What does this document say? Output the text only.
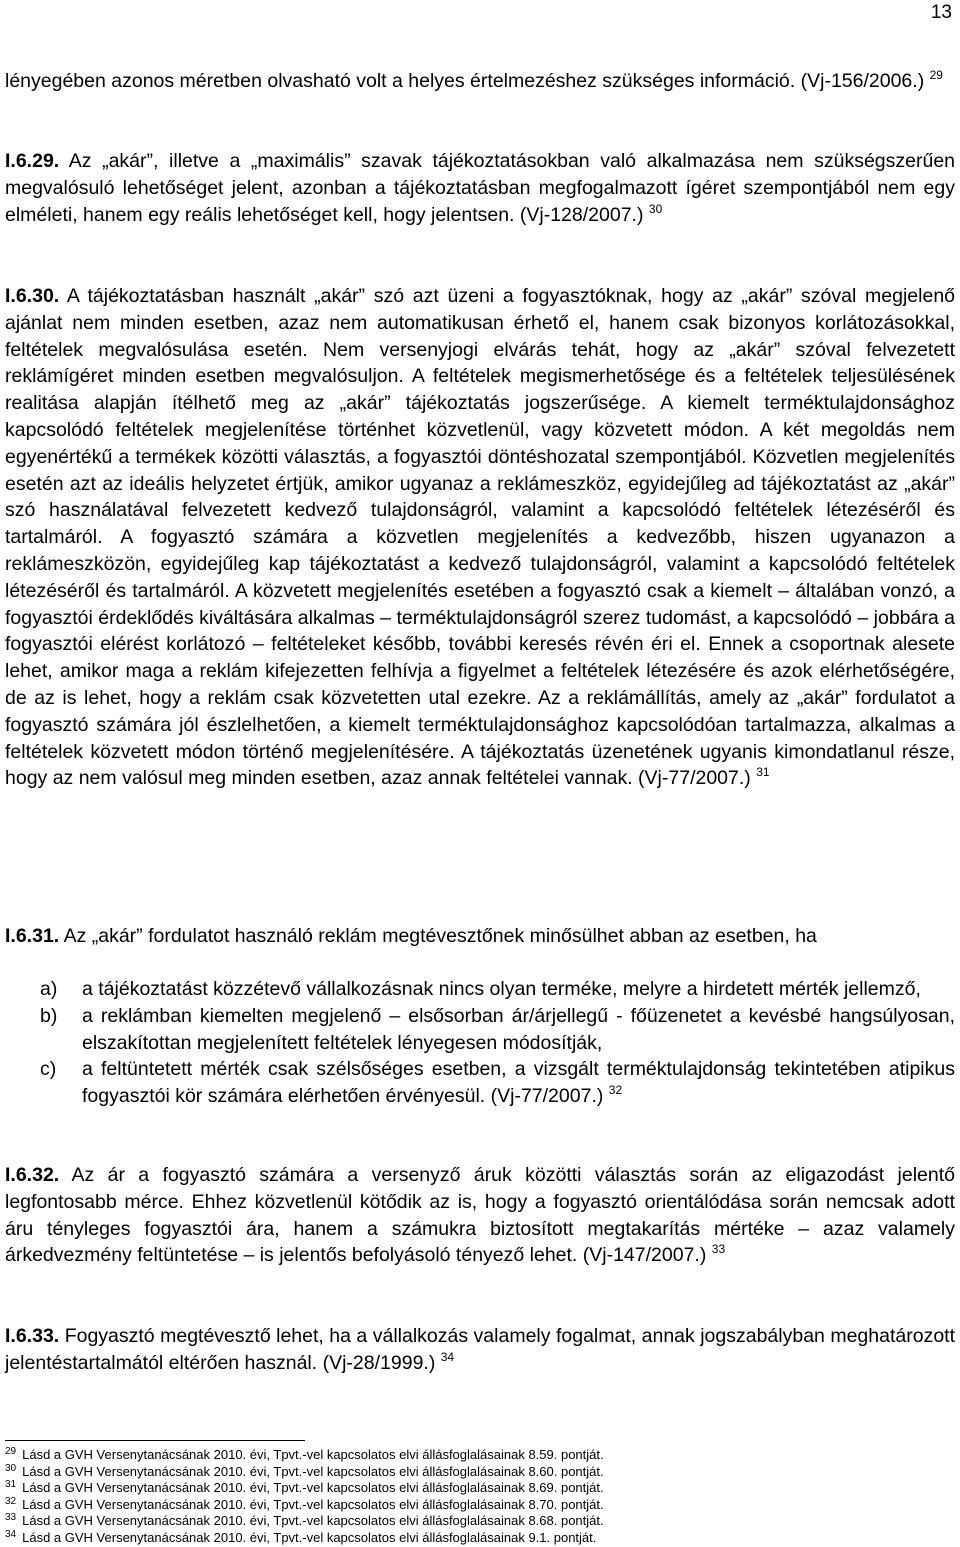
13

lényegében azonos méretben olvasható volt a helyes értelmezéshez szükséges információ. (Vj-156/2006.) $^{29}$

I.6.29. Az „akár”, illetve a „maximális” szavak tájékoztatásokban való alkalmazása nem szükségszerűen megvalósuló lehetőséget jelent, azonban a tájékoztatásban megfogalmazott ígéret szempontjából nem egy elméleti, hanem egy reális lehetőséget kell, hogy jelentsen. (Vj-128/2007.) $^{30}$

I.6.30. A tájékoztatásban használt „akár” szó azt üzeni a fogyasztóknak, hogy az „akár” szóval megjelenő ajánlat nem minden esetben, azaz nem automatikusan érhető el, hanem csak bizonyos korlátozásokkal, feltételek megvalósulása esetén. Nem versenyjogi elvárás tehát, hogy az „akár” szóval felvezetett reklámígéret minden esetben megvalósuljon. A feltételek megismerhetősége és a feltételek teljesülésének realitása alapján ítélhető meg az „akár” tájékoztatás jogszerűsége. A kiemelt terméktulajdonsághoz kapcsolódó feltételek megjelenítése történhet közvetlenül, vagy közvetett módon. A két megoldás nem egyenértékű a termékek közötti választás, a fogyasztói döntéshozatal szempontjából. Közvetlen megjelenítés esetén azt az ideális helyzetet értjük, amikor ugyanaz a reklámeszköz, egyidejűleg ad tájékoztatást az „akár” szó használatával felvezetett kedvező tulajdonságról, valamint a kapcsolódó feltételek létezéséről és tartalmáról. A fogyasztó számára a közvetlen megjelenítés a kedvezőbb, hiszen ugyanazon a reklámeszközön, egyidejűleg kap tájékoztatást a kedvező tulajdonságról, valamint a kapcsolódó feltételek létezéséről és tartalmáról. A közvetett megjelenítés esetében a fogyasztó csak a kiemelt – általában vonzó, a fogyasztói érdeklődés kiváltására alkalmas – terméktulajdonságról szerez tudomást, a kapcsolódó – jobbára a fogyasztói elérést korlátozó – feltételeket később, további keresés révén éri el. Ennek a csoportnak alesete lehet, amikor maga a reklám kifejezetten felhívja a figyelmet a feltételek létezésére és azok elérhetőségére, de az is lehet, hogy a reklám csak közvetetten utal ezekre. Az a reklámállítás, amely az „akár” fordulatot a fogyasztó számára jól észlelhetően, a kiemelt terméktulajdonsághoz kapcsolódóan tartalmazza, alkalmas a feltételek közvetett módon történő megjelenítésére. A tájékoztatás üzenetének ugyanis kimondatlanul része, hogy az nem valósul meg minden esetben, azaz annak feltételei vannak. (Vj-77/2007.) $^{31}$

I.6.31. Az „akár” fordulatot használó reklám megtévesztőnek minősülhet abban az esetben, ha

a)	a tájékoztatást közzétevő vállalkozásnak nincs olyan terméke, melyre a hirdetett mérték jellemző,
b)	a reklámban kiemelten megjelenő – elsősorban ár/árjellegű - főüzenetet a kevésbé hangsúlyosan, elszakítottan megjelenített feltételek lényegesen módosítják,
c)	a feltüntetett mérték csak szélsőséges esetben, a vizsgált terméktulajdonság tekintetében atipikus fogyasztói kör számára elérhetően érvényesül. (Vj-77/2007.) $^{32}$

I.6.32. Az ár a fogyasztó számára a versenyző áruk közötti választás során az eligazodást jelentő legfontosabb mérce. Ehhez közvetlenül kötődik az is, hogy a fogyasztó orientálódása során nemcsak adott áru tényleges fogyasztói ára, hanem a számukra biztosított megtakarítás mértéke – azaz valamely árkedvezmény feltüntetése – is jelentős befolyásoló tényező lehet. (Vj-147/2007.) $^{33}$

I.6.33. Fogyasztó megtévesztő lehet, ha a vállalkozás valamely fogalmat, annak jogszabályban meghatározott jelentéstartalmától eltérően használ. (Vj-28/1999.) $^{34}$

$^{29}$ Lásd a GVH Versenytanácsának 2010. évi, Tpvt.-vel kapcsolatos elvi állásfoglalásainak 8.59. pontját.
$^{30}$ Lásd a GVH Versenytanácsának 2010. évi, Tpvt.-vel kapcsolatos elvi állásfoglalásainak 8.60. pontját.
$^{31}$ Lásd a GVH Versenytanácsának 2010. évi, Tpvt.-vel kapcsolatos elvi állásfoglalásainak 8.69. pontját.
$^{32}$ Lásd a GVH Versenytanácsának 2010. évi, Tpvt.-vel kapcsolatos elvi állásfoglalásainak 8.70. pontját.
$^{33}$ Lásd a GVH Versenytanácsának 2010. évi, Tpvt.-vel kapcsolatos elvi állásfoglalásainak 8.68. pontját.
$^{34}$ Lásd a GVH Versenytanácsának 2010. évi, Tpvt.-vel kapcsolatos elvi állásfoglalásainak 9.1. pontját.
